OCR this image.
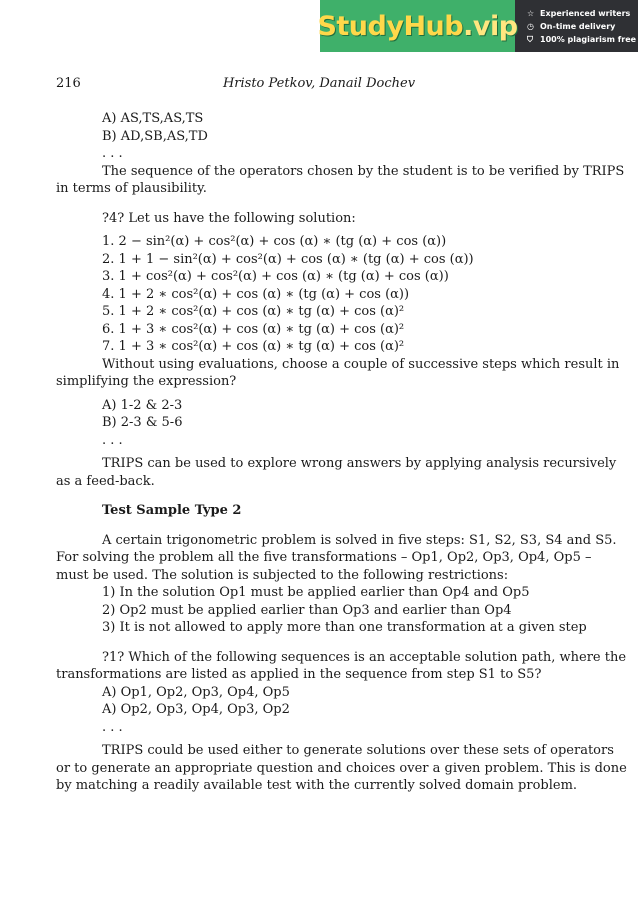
StudyHub .vip ☆ Experienced writers
◷ On-time delivery
⛉ 100% plagiarism free
216	Hristo Petkov, Danail Dochev
A) AS,TS,AS,TS
B) AD,SB,AS,TD
. . .
The sequence of the operators chosen by the student is to be verified by TRIPS
in terms of plausibility.
?4? Let us have the following solution:
1. 2 − sin²(α) + cos²(α) + cos (α) ∗ (tg (α) + cos (α))
2. 1 + 1 − sin²(α) + cos²(α) + cos (α) ∗ (tg (α) + cos (α))
3. 1 + cos²(α) + cos²(α) + cos (α) ∗ (tg (α) + cos (α))
4. 1 + 2 ∗ cos²(α) + cos (α) ∗ (tg (α) + cos (α))
5. 1 + 2 ∗ cos²(α) + cos (α) ∗ tg (α) + cos (α)²
6. 1 + 3 ∗ cos²(α) + cos (α) ∗ tg (α) + cos (α)²
7. 1 + 3 ∗ cos²(α) + cos (α) ∗ tg (α) + cos (α)²
Without using evaluations, choose a couple of successive steps which result in
simplifying the expression?
A) 1-2 & 2-3
B) 2-3 & 5-6
. . .
TRIPS can be used to explore wrong answers by applying analysis recursively
as a feed-back.
Test Sample Type 2
A certain trigonometric problem is solved in five steps: S1, S2, S3, S4 and S5.
For solving the problem all the five transformations – Op1, Op2, Op3, Op4, Op5 –
must be used. The solution is subjected to the following restrictions:
1) In the solution Op1 must be applied earlier than Op4 and Op5
2) Op2 must be applied earlier than Op3 and earlier than Op4
3) It is not allowed to apply more than one transformation at a given step
?1? Which of the following sequences is an acceptable solution path, where the
transformations are listed as applied in the sequence from step S1 to S5?
A) Op1, Op2, Op3, Op4, Op5
A) Op2, Op3, Op4, Op3, Op2
. . .
TRIPS could be used either to generate solutions over these sets of operators
or to generate an appropriate question and choices over a given problem. This is done
by matching a readily available test with the currently solved domain problem.
